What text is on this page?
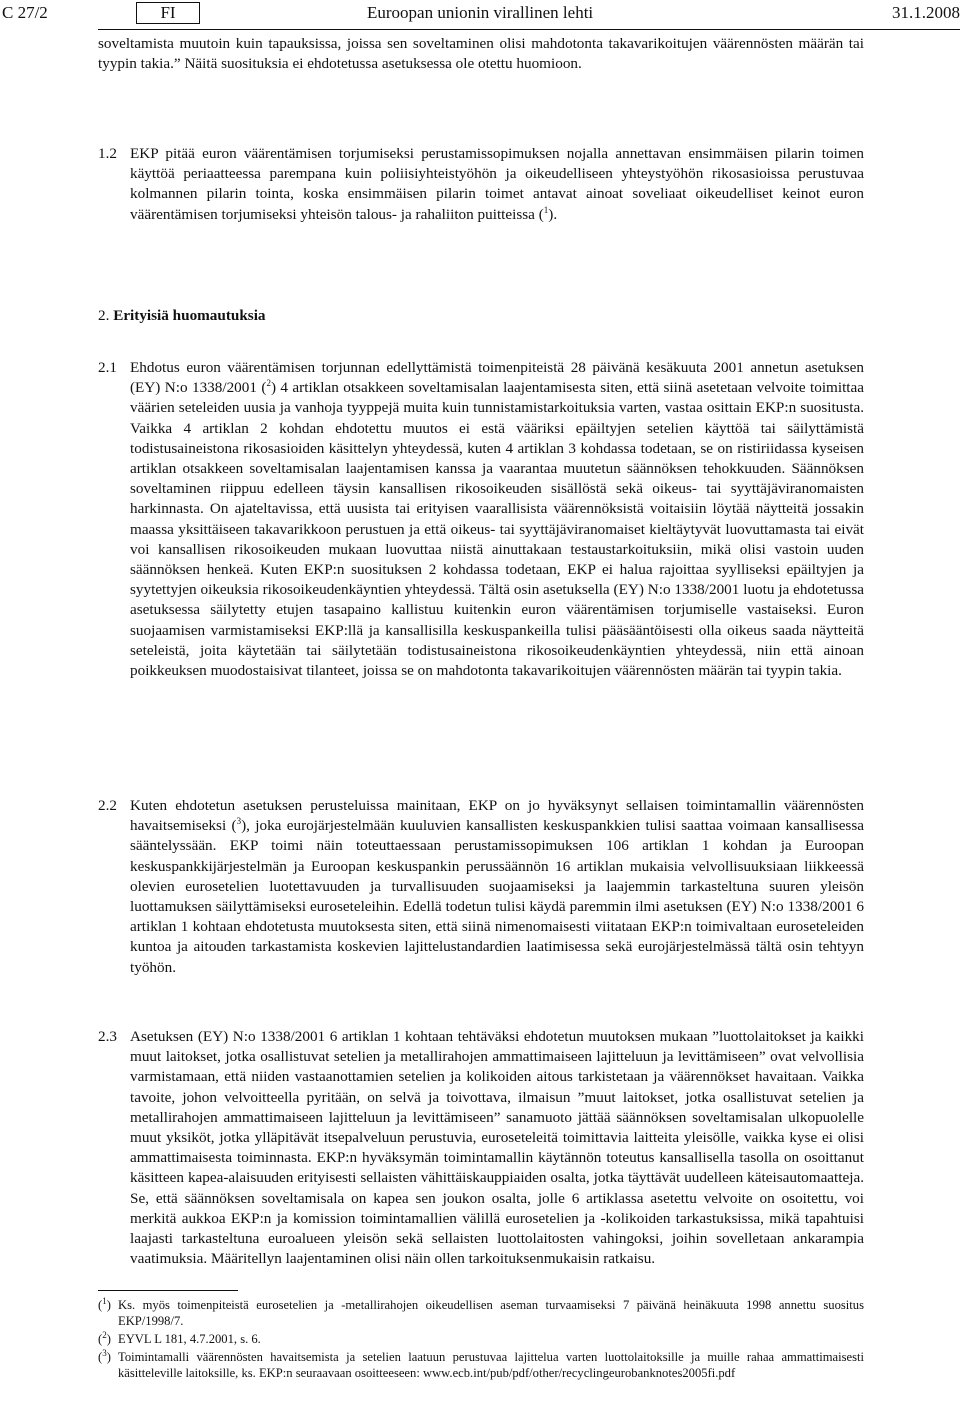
C 27/2	FI	Euroopan unionin virallinen lehti	31.1.2008
soveltamista muutoin kuin tapauksissa, joissa sen soveltaminen olisi mahdotonta takavarikoitujen väärennösten määrän tai tyypin takia.” Näitä suosituksia ei ehdotetussa asetuksessa ole otettu huomioon.
1.2 EKP pitää euron väärentämisen torjumiseksi perustamissopimuksen nojalla annettavan ensimmäisen pilarin toimen käyttöä periaatteessa parempana kuin poliisiyhteistyöhön ja oikeudelliseen yhteystyöhön rikosasioissa perustuvaa kolmannen pilarin tointa, koska ensimmäisen pilarin toimet antavat ainoat soveliaat oikeudelliset keinot euron väärentämisen torjumiseksi yhteisön talous- ja rahaliiton puitteissa ($^1$).
2. Erityisiä huomautuksia
2.1 Ehdotus euron väärentämisen torjunnan edellyttämistä toimenpiteistä 28 päivänä kesäkuuta 2001 annetun asetuksen (EY) N:o 1338/2001 ($^2$) 4 artiklan otsakkeen soveltamisalan laajentamisesta siten, että siinä asetetaan velvoite toimittaa väärien seteleiden uusia ja vanhoja tyyppejä muita kuin tunnistamistarkoituksia varten, vastaa osittain EKP:n suositusta. Vaikka 4 artiklan 2 kohdan ehdotettu muutos ei estä vääriksi epäiltyjen setelien käyttöä tai säilyttämistä todistusaineistona rikosasioiden käsittelyn yhteydessä, kuten 4 artiklan 3 kohdassa todetaan, se on ristiriidassa kyseisen artiklan otsakkeen soveltamisalan laajentamisen kanssa ja vaarantaa muutetun säännöksen tehokkuuden. Säännöksen soveltaminen riippuu edelleen täysin kansallisen rikosoikeuden sisällöstä sekä oikeus- tai syyttäjäviranomaisten harkinnasta. On ajateltavissa, että uusista tai erityisen vaarallisista väärennöksistä voitaisiin löytää näytteitä jossakin maassa yksittäiseen takavarikkoon perustuen ja että oikeus- tai syyttäjäviranomaiset kieltäytyvät luovuttamasta tai eivät voi kansallisen rikosoikeuden mukaan luovuttaa niistä ainuttakaan testaustarkoituksiin, mikä olisi vastoin uuden säännöksen henkeä. Kuten EKP:n suosituksen 2 kohdassa todetaan, EKP ei halua rajoittaa syylliseksi epäiltyjen ja syytettyjen oikeuksia rikosoikeudenkäyntien yhteydessä. Tältä osin asetuksella (EY) N:o 1338/2001 luotu ja ehdotetussa asetuksessa säilytetty etujen tasapaino kallistuu kuitenkin euron väärentämisen torjumiselle vastaiseksi. Euron suojaamisen varmistamiseksi EKP:llä ja kansallisilla keskuspankeilla tulisi pääsääntöisesti olla oikeus saada näytteitä seteleistä, joita käytetään tai säilytetään todistusaineistona rikosoikeudenkäyntien yhteydessä, niin että ainoan poikkeuksen muodostaisivat tilanteet, joissa se on mahdotonta takavarikoitujen väärennösten määrän tai tyypin takia.
2.2 Kuten ehdotetun asetuksen perusteluissa mainitaan, EKP on jo hyväksynyt sellaisen toimintamallin väärennösten havaitsemiseksi ($^3$), joka eurojärjestelmään kuuluvien kansallisten keskuspankkien tulisi saattaa voimaan kansallisessa sääntelyssään. EKP toimi näin toteuttaessaan perustamissopimuksen 106 artiklan 1 kohdan ja Euroopan keskuspankkijärjestelmän ja Euroopan keskuspankin perussäännön 16 artiklan mukaisia velvollisuuksiaan liikkeessä olevien eurosetelien luotettavuuden ja turvallisuuden suojaamiseksi ja laajemmin tarkasteltuna suuren yleisön luottamuksen säilyttämiseksi euroseteleihin. Edellä todetun tulisi käydä paremmin ilmi asetuksen (EY) N:o 1338/2001 6 artiklan 1 kohtaan ehdotetusta muutoksesta siten, että siinä nimenomaisesti viitataan EKP:n toimivaltaan euroseteleiden kuntoa ja aitouden tarkastamista koskevien lajittelustandardien laatimisessa sekä eurojärjestelmässä tältä osin tehtyyn työhön.
2.3 Asetuksen (EY) N:o 1338/2001 6 artiklan 1 kohtaan tehtäväksi ehdotetun muutoksen mukaan ”luottolaitokset ja kaikki muut laitokset, jotka osallistuvat setelien ja metallirahojen ammattimaiseen lajitteluun ja levittämiseen” ovat velvollisia varmistamaan, että niiden vastaanottamien setelien ja kolikoiden aitous tarkistetaan ja väärennökset havaitaan. Vaikka tavoite, johon velvoitteella pyritään, on selvä ja toivottava, ilmaisun ”muut laitokset, jotka osallistuvat setelien ja metallirahojen ammattimaiseen lajitteluun ja levittämiseen” sanamuoto jättää säännöksen soveltamisalan ulkopuolelle muut yksiköt, jotka ylläpitävät itsepalveluun perustuvia, euroseteleitä toimittavia laitteita yleisölle, vaikka kyse ei olisi ammattimaisesta toiminnasta. EKP:n hyväksymän toimintamallin käytännön toteutus kansallisella tasolla on osoittanut käsitteen kapea-alaisuuden erityisesti sellaisten vähittäiskauppiaiden osalta, jotka täyttävät uudelleen käteisautomaatteja. Se, että säännöksen soveltamisala on kapea sen joukon osalta, jolle 6 artiklassa asetettu velvoite on osoitettu, voi merkitä aukkoa EKP:n ja komission toimintamallien välillä eurosetelien ja -kolikoiden tarkastuksissa, mikä tapahtuisi laajasti tarkasteltuna euroalueen yleisön sekä sellaisten luottolaitosten vahingoksi, joihin sovelletaan ankarampia vaatimuksia. Määritellyn laajentaminen olisi näin ollen tarkoituksenmukaisin ratkaisu.
($^1$) Ks. myös toimenpiteistä eurosetelien ja -metallirahojen oikeudellisen aseman turvaamiseksi 7 päivänä heinäkuuta 1998 annettu suositus EKP/1998/7.
($^2$) EYVL L 181, 4.7.2001, s. 6.
($^3$) Toimintamalli väärennösten havaitsemista ja setelien laatuun perustuvaa lajittelua varten luottolaitoksille ja muille rahaa ammattimaisesti käsitteleville laitoksille, ks. EKP:n seuraavaan osoitteeseen: www.ecb.int/pub/pdf/other/recyclingeurobanknotes2005fi.pdf
